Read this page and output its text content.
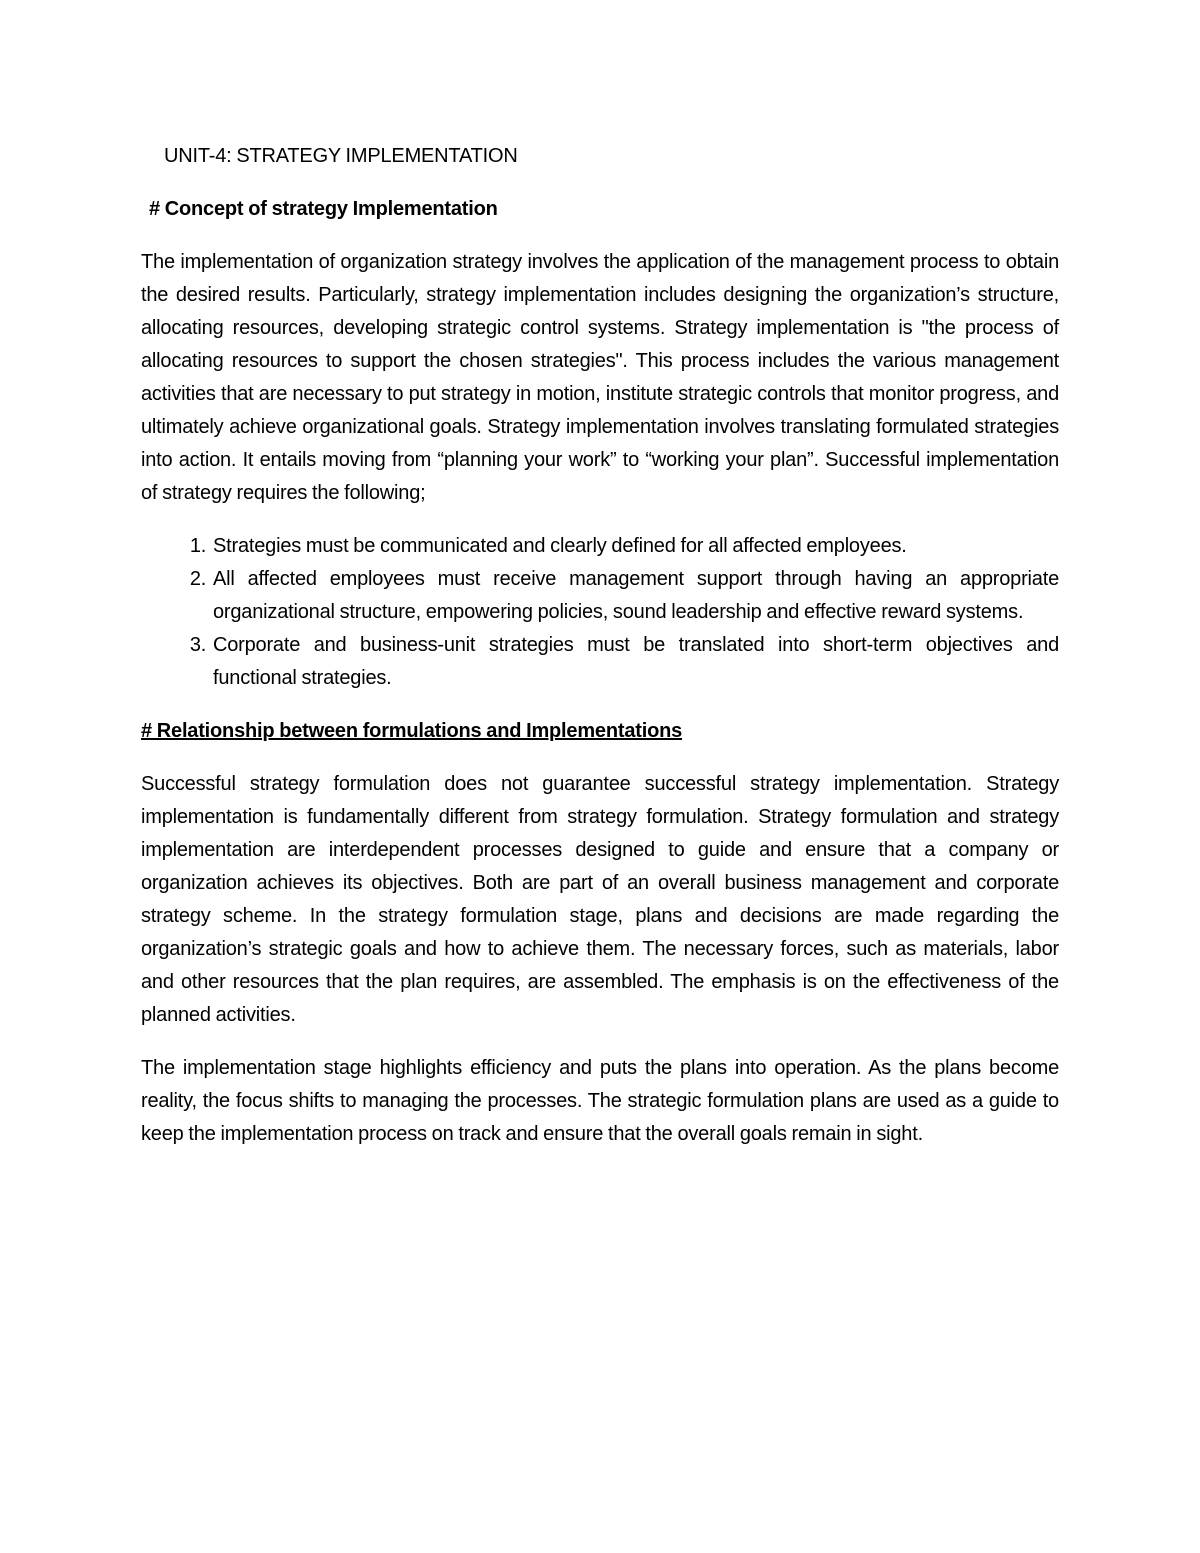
UNIT-4: STRATEGY IMPLEMENTATION
# Concept of strategy Implementation

The implementation of organization strategy involves the application of the management process to obtain the desired results. Particularly, strategy implementation includes designing the organization’s structure, allocating resources, developing strategic control systems. Strategy implementation is "the process of allocating resources to support the chosen strategies". This process includes the various management activities that are necessary to put strategy in motion, institute strategic controls that monitor progress, and ultimately achieve organizational goals. Strategy implementation involves translating formulated strategies into action. It entails moving from “planning your work” to “working your plan”. Successful implementation of strategy requires the following;

1. Strategies must be communicated and clearly defined for all affected employees.
2. All affected employees must receive management support through having an appropriate organizational structure, empowering policies, sound leadership and effective reward systems.
3. Corporate and business-unit strategies must be translated into short-term objectives and functional strategies.
# Relationship between formulations and Implementations

Successful strategy formulation does not guarantee successful strategy implementation. Strategy implementation is fundamentally different from strategy formulation. Strategy formulation and strategy implementation are interdependent processes designed to guide and ensure that a company or organization achieves its objectives. Both are part of an overall business management and corporate strategy scheme. In the strategy formulation stage, plans and decisions are made regarding the organization’s strategic goals and how to achieve them. The necessary forces, such as materials, labor and other resources that the plan requires, are assembled. The emphasis is on the effectiveness of the planned activities.

The implementation stage highlights efficiency and puts the plans into operation. As the plans become reality, the focus shifts to managing the processes. The strategic formulation plans are used as a guide to keep the implementation process on track and ensure that the overall goals remain in sight.
